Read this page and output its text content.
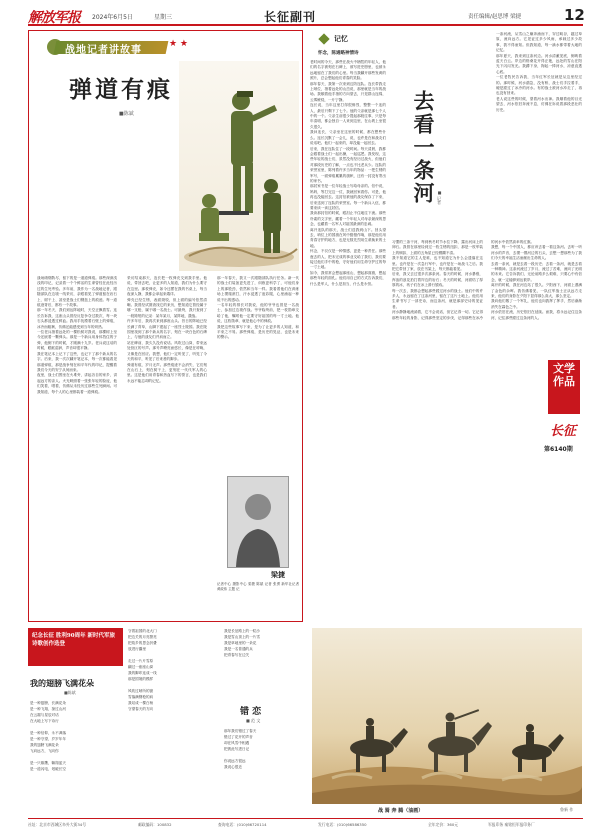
解放军报 2024年6月5日	星期三	长征副刊	责任编辑/赵思博 梁捷	12
战地记者讲故事
★ ★
弹道有痕
■陈斌

战场硝烟散尽，留下的是一道道弹痕。那些深深浅浅的印记，记录着一个个鲜活的生命曾经在此经历过的生死考验。多年前，我作为一名战地记者，跟随部队在边境一线采访，亲眼看见了弹道留在岩石上、树干上、甚至是战士们钢盔上的痕迹。每一道痕迹背后，都有一个故事。

那一年冬天，我们到达阵地时，天空正飘着雪。连长告诉我，这座山头曾经反复争夺过数次，每一块石头都浸透过鲜血。我用手抚摸着石壁上的弹痕，冰冷而粗粝，仿佛还能感受到当年的炽热。

一位老兵指着远处的一棵松树对我说，那棵树上至今还嵌着一颗弹头。那是一个新兵用身体挡住的子弹，他倒下的时候，才刚满十九岁。老兵说这话的时候，眼眶湿润，声音却很平静。

我在笔记本上记下了这些，也记下了那个新兵的名字。后来，我一次次翻开笔记本，每一次都能看见那道弹痕，那是战争刻在和平年代的印记，提醒着我们今天的安宁从何而来。

夜里，战士们围坐在火堆旁，讲起各自的家乡，讲起远方的亲人。火光映照着一张张年轻的脸庞，他们笑着，唱着，仿佛从未经历过那些生死瞬间。可我知道，每个人的心里都装着一道弹痕。

采访结束那天，连长把一枚弹壳交到我手里。他说，带回去吧，让更多的人知道，我们为什么要守在这里。那枚弹壳，如今还摆在我的书桌上，每当夜深人静，我都会拿起来端详。

弹壳已经生锈，表面斑驳，但上面的编号依然清晰。我曾经试图查找它的来历，想知道它曾经属于哪一支枪，属于哪一名战士。可最终，我只查到了一段简短的记录：某年某月，某阵地，激战。

许多年后，我再次来到那座山头。昔日的阵地已经长满了青草，山脚下建起了一座烈士陵园。我在陵园里找到了那个新兵的名字，刻在一块白色的石碑上，与他的战友们并肩而立。

站在碑前，我久久没有说话。风吹过山岗，带来远处营区的号声。那号声嘹亮而悠长，像是在呼唤，又像是在回应。我想，他们一定听见了，听见了今天的和平，听见了后来者的脚步。

弹道有痕，岁月无声。那些痕迹不会消失，它们刻在山石上，刻在树干上，更刻在一代代军人的心里。这是他们用青春和热血写下的誓言，也是我们永远不能忘却的记忆。

那一年春天，我又一次跟随部队执行任务。新一代的战士们装备更先进了，训练更科学了，可他们身上的那股劲，依然和当年一样。我看着他们在训练场上摸爬滚打，汗水浸透了迷彩服，心里涌起一种说不出的感动。

一名年轻的排长对我说，他的爷爷也曾是一名战士，参加过边境作战。爷爷临终前，把一枚勋章交给了他，嘱咐他一定要守好祖国的每一寸土地。他说，这枚勋章，就是他心中的弹痕。

我把这些故事写下来，是为了让更多的人知道，和平来之不易。那些弹痕，是历史的见证，也是未来的警示。

梁捷
记者中心 摄影中心 梁捷 陈斌 记者 张勇 新华社记者 黄政伟 主题 记
记忆
怀念，陈通略神情诗

老时间的今天，那些在战火中牺牲的年轻人，他们的名字被刻在石碑上，被写进史册里，也被永远地留在了我们的心里。每当我翻开那些发黄的照片，总会想起他们青春的笑脸。

那年春天，我第一次来到边防连队。连长带我走上哨位，指着远处的山峦说，那里就是当年的战场。我顺着他手指的方向望去，只见群山连绵，云雾缭绕，一片宁静。

连长说，当年这里打得很惨烈，整整一个连的人，最后只剩下了七个。他的父亲就是那七个人中的一个。父亲生前很少提起那段往事，只是每年清明，都会独自一人来到这里，在山坡上坐很久很久。

我问连长，父亲坐在这里的时候，都在想些什么。连长沉默了一会儿，说，也许是在和战友们说话吧。他们一起来的，却没能一起回去。

后来，我在连队住了一段时间。每天清晨，我都会跟着战士们一起出操，一起巡逻。我发现，这些年轻的战士们，虽然没有经历过战火，但他们对那段历史的了解，一点也不比老兵少。连队的荣誉室里，陈列着许多当年的物品：一把生锈的军号，一面弹痕累累的旗帜，还有一封没有寄出的家书。

那封家书是一位年轻战士写给母亲的。信中说，妈妈，等打完这一仗，我就回家看你。可是，他再也没能回去。这封信被他的战友保存了下来，后来送到了连队的荣誉室。每一个新兵入伍，都要来读一读这封信。

我读那封信的时候，眼泪止不住地往下流。那些朴素的文字里，藏着一个年轻人对母亲最深的思念，也藏着一名军人对祖国最深的忠诚。

离开连队的那天，战士们送我到山下。回头望去，哨位上的国旗在风中猎猎作响，那是他们用青春守护的地方，也是无数先烈用生命换来的土地。

怀念，不仅仅是一种情感，更是一种责任。那些逝去的人，把未完成的事业交给了我们，我们要接过他们手中的枪，守好他们用生命守护过的每一寸土地。

如今，我常常会想起那座山，想起那面旗，想起那些年轻的面孔。他们用自己的方式告诉我们，什么是军人，什么是担当，什么是永恒。

去看一条河 ■ 记者

一条河流，从雪山之巅奔涌而下，穿过峡谷，越过草原，流向远方。它见证过多少风雨，承载过多少故事，我不得而知。但我知道，每一滴水都带着大地的记忆。

那年夏天，我来到这条河边。河水清澈见底，倒映着蓝天白云。岸边的格桑花开得正艳，远处的雪山在阳光下闪闪发光。我蹲下身，掬起一捧河水，凉意直透心底。

一位老牧民告诉我，当年红军长征就是从这里经过的。那时候，河水湍急，没有桥，战士们手拉着手，硬是蹚过了冰冷的河水。有的战士被河水冲走了，再也没有回来。

老人说这些的时候，望着河水出神。我顺着他的目光望去，河水依旧奔流不息，仿佛在诉说着那段悲壮的历史。

习惯的三条干河，每到秋冬时节水位下降，露出河床上的卵石。我曾在那里捡到过一枚生锈的纽扣，那是一枚军装上的铜扣，上面的五角星已经模糊不清。

我不知道它的主人是谁，也不知道它为什么会遗落在这里。也许是在一次急行军中，也许是在一场战斗之后。我把它带回了家，放在书架上，每天都能看见。

后来，我又去过很多次那条河。春天的时候，河水暴涨，浑浊的浪花拍打着岸边的岩石；冬天的时候，河面结了厚厚的冰，孩子们在冰上滑行嬉戏。

每一次去，我都会想起那些蹚过河水的战士。他们中的许多人，永远留在了这条河里，留在了这片土地上。他们用生命书写了一部史诗，而这条河，就是那部史诗的见证者。

河水静静地流淌着，它不会说话，但它记得一切。它记得那些年轻的身影，记得那些坚定的步伐，记得那些在冰冷的河水中依然高举的红旗。

我想，每一个中国人，都应该去看一看这条河。去听一听河水的声音，去摸一摸河边的石头，去想一想那些为了我们今天的幸福生活而献出生命的人。

去看一条河，就是去看一段历史；去看一条河，就是去看一种精神。这条河流过了岁月，流过了苦难，流向了光明的未来。它告诉我们，无论前路多么艰难，只要心中有信念，就一定能够到达彼岸。

离开的时候，我在河边站了很久。夕阳西下，河面上洒满了金色的余晖。我仿佛看见，一队红军战士正从远方走来，他们的身影在夕阳下显得那么高大，那么坚定。

我向他们敬了一个军礼，他们也向我挥了挥手，然后渐渐消失在暮色之中。

河水依旧在流，历史依旧在延续。而我，将永远记住这条河，记住那些蹚过这条河的人。

文学作品
长征
第6140期
纪念长征 胜利90周年 新时代军旅诗歌创作选登
我的翅膀飞满花朵
■陈斌
是一种翅膀，长满花朵
是一种飞翔，掠过山河
在云端与星辰对话
在大地上写下诗行

是一种信仰，永不凋落
是一种守望，岁岁年年
我的翅膀飞满花朵
飞向远方，飞向你

是一只雄鹰，翱翔蓝天
是一道闪电，划破长空
守着祖国的北大门
把边关的月亮擦亮
把故乡的思念折叠
放进行囊里

走过一片片雪原
翻过一座座山岗
我的脚印连成一线
那是国境的模样

风吹过哨所的窗
雪落满钢枪的肩
我站成一棵白杨
守望春天的方向
我是长征路上的一粒沙
我是雪山顶上的一片雪
我是草地里的一朵花
我是一名普通的兵
把青春写在边关
错 恋
■ 范 文
那年我们错过了春天
错过了花开的声音
却在风雪中相遇
把彼此写进日记

你说远方很远
我说心很近
战 骑 奔 腾（油画）	鲁新 作
社址：北京市西城区阜外大街34号	邮政编码：100832	查询电话：(010)66720114	发行电话：(010)66586350	全年定价：360元	军报印务 秦铭恒军报印务厂
